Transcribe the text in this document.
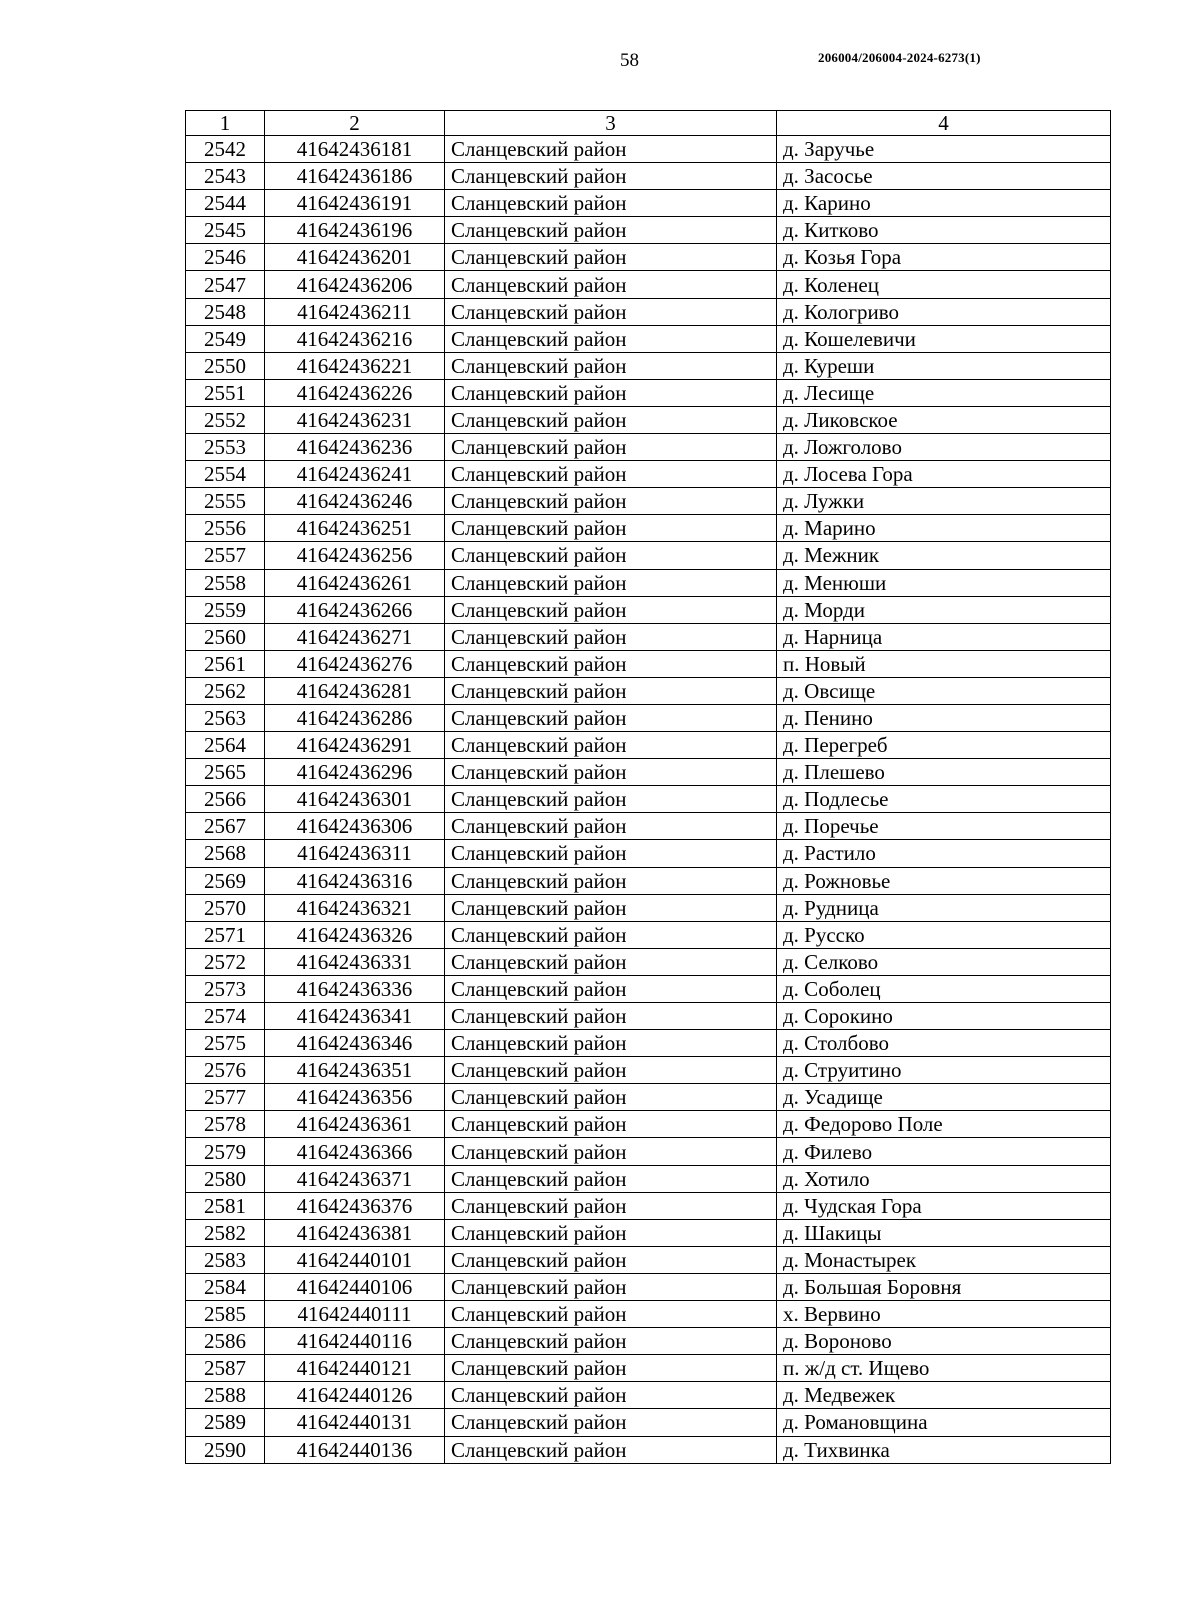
58	206004/206004-2024-6273(1)
1	2	3	4
2542	41642436181	Сланцевский район	д. Заручье
2543	41642436186	Сланцевский район	д. Засосье
2544	41642436191	Сланцевский район	д. Карино
2545	41642436196	Сланцевский район	д. Китково
2546	41642436201	Сланцевский район	д. Козья Гора
2547	41642436206	Сланцевский район	д. Коленец
2548	41642436211	Сланцевский район	д. Кологриво
2549	41642436216	Сланцевский район	д. Кошелевичи
2550	41642436221	Сланцевский район	д. Куреши
2551	41642436226	Сланцевский район	д. Лесище
2552	41642436231	Сланцевский район	д. Ликовское
2553	41642436236	Сланцевский район	д. Ложголово
2554	41642436241	Сланцевский район	д. Лосева Гора
2555	41642436246	Сланцевский район	д. Лужки
2556	41642436251	Сланцевский район	д. Марино
2557	41642436256	Сланцевский район	д. Межник
2558	41642436261	Сланцевский район	д. Менюши
2559	41642436266	Сланцевский район	д. Морди
2560	41642436271	Сланцевский район	д. Нарница
2561	41642436276	Сланцевский район	п. Новый
2562	41642436281	Сланцевский район	д. Овсище
2563	41642436286	Сланцевский район	д. Пенино
2564	41642436291	Сланцевский район	д. Перегреб
2565	41642436296	Сланцевский район	д. Плешево
2566	41642436301	Сланцевский район	д. Подлесье
2567	41642436306	Сланцевский район	д. Поречье
2568	41642436311	Сланцевский район	д. Растило
2569	41642436316	Сланцевский район	д. Рожновье
2570	41642436321	Сланцевский район	д. Рудница
2571	41642436326	Сланцевский район	д. Русско
2572	41642436331	Сланцевский район	д. Селково
2573	41642436336	Сланцевский район	д. Соболец
2574	41642436341	Сланцевский район	д. Сорокино
2575	41642436346	Сланцевский район	д. Столбово
2576	41642436351	Сланцевский район	д. Струитино
2577	41642436356	Сланцевский район	д. Усадище
2578	41642436361	Сланцевский район	д. Федорово Поле
2579	41642436366	Сланцевский район	д. Филево
2580	41642436371	Сланцевский район	д. Хотило
2581	41642436376	Сланцевский район	д. Чудская Гора
2582	41642436381	Сланцевский район	д. Шакицы
2583	41642440101	Сланцевский район	д. Монастырек
2584	41642440106	Сланцевский район	д. Большая Боровня
2585	41642440111	Сланцевский район	х. Вервино
2586	41642440116	Сланцевский район	д. Вороново
2587	41642440121	Сланцевский район	п. ж/д ст. Ищево
2588	41642440126	Сланцевский район	д. Медвежек
2589	41642440131	Сланцевский район	д. Романовщина
2590	41642440136	Сланцевский район	д. Тихвинка
